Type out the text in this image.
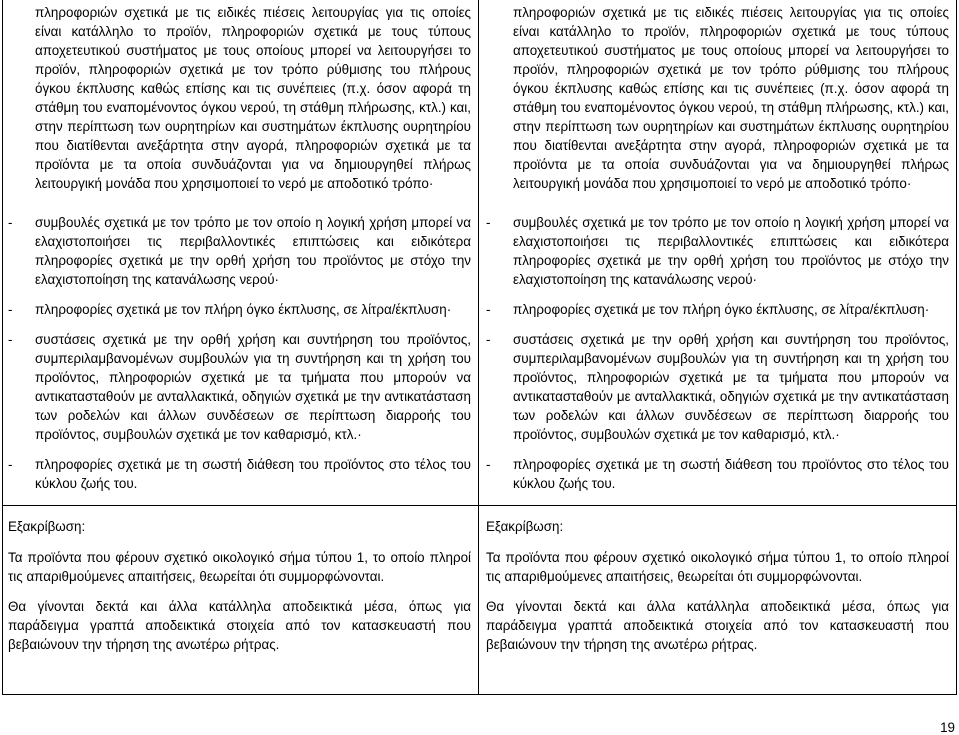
πληροφοριών σχετικά με τις ειδικές πιέσεις λειτουργίας για τις οποίες είναι κατάλληλο το προϊόν, πληροφοριών σχετικά με τους τύπους αποχετευτικού συστήματος με τους οποίους μπορεί να λειτουργήσει το προϊόν, πληροφοριών σχετικά με τον τρόπο ρύθμισης του πλήρους όγκου έκπλυσης καθώς επίσης και τις συνέπειες (π.χ. όσον αφορά τη στάθμη του εναπομένοντος όγκου νερού, τη στάθμη πλήρωσης, κτλ.) και, στην περίπτωση των ουρητηρίων και συστημάτων έκπλυσης ουρητηρίου που διατίθενται ανεξάρτητα στην αγορά, πληροφοριών σχετικά με τα προϊόντα με τα οποία συνδυάζονται για να δημιουργηθεί πλήρως λειτουργική μονάδα που χρησιμοποιεί το νερό με αποδοτικό τρόπο·
- συμβουλές σχετικά με τον τρόπο με τον οποίο η λογική χρήση μπορεί να ελαχιστοποιήσει τις περιβαλλοντικές επιπτώσεις και ειδικότερα πληροφορίες σχετικά με την ορθή χρήση του προϊόντος με στόχο την ελαχιστοποίηση της κατανάλωσης νερού·
- πληροφορίες σχετικά με τον πλήρη όγκο έκπλυσης, σε λίτρα/έκπλυση·
- συστάσεις σχετικά με την ορθή χρήση και συντήρηση του προϊόντος, συμπεριλαμβανομένων συμβουλών για τη συντήρηση και τη χρήση του προϊόντος, πληροφοριών σχετικά με τα τμήματα που μπορούν να αντικατασταθούν με ανταλλακτικά, οδηγιών σχετικά με την αντικατάσταση των ροδελών και άλλων συνδέσεων σε περίπτωση διαρροής του προϊόντος, συμβουλών σχετικά με τον καθαρισμό, κτλ.·
- πληροφορίες σχετικά με τη σωστή διάθεση του προϊόντος στο τέλος του κύκλου ζωής του.
Εξακρίβωση:

Τα προϊόντα που φέρουν σχετικό οικολογικό σήμα τύπου 1, το οποίο πληροί τις απαριθμούμενες απαιτήσεις, θεωρείται ότι συμμορφώνονται.

Θα γίνονται δεκτά και άλλα κατάλληλα αποδεικτικά μέσα, όπως για παράδειγμα γραπτά αποδεικτικά στοιχεία από τον κατασκευαστή που βεβαιώνουν την τήρηση της ανωτέρω ρήτρας.

πληροφοριών σχετικά με τις ειδικές πιέσεις λειτουργίας για τις οποίες είναι κατάλληλο το προϊόν, πληροφοριών σχετικά με τους τύπους αποχετευτικού συστήματος με τους οποίους μπορεί να λειτουργήσει το προϊόν, πληροφοριών σχετικά με τον τρόπο ρύθμισης του πλήρους όγκου έκπλυσης καθώς επίσης και τις συνέπειες (π.χ. όσον αφορά τη στάθμη του εναπομένοντος όγκου νερού, τη στάθμη πλήρωσης, κτλ.) και, στην περίπτωση των ουρητηρίων και συστημάτων έκπλυσης ουρητηρίου που διατίθενται ανεξάρτητα στην αγορά, πληροφοριών σχετικά με τα προϊόντα με τα οποία συνδυάζονται για να δημιουργηθεί πλήρως λειτουργική μονάδα που χρησιμοποιεί το νερό με αποδοτικό τρόπο·
- συμβουλές σχετικά με τον τρόπο με τον οποίο η λογική χρήση μπορεί να ελαχιστοποιήσει τις περιβαλλοντικές επιπτώσεις και ειδικότερα πληροφορίες σχετικά με την ορθή χρήση του προϊόντος με στόχο την ελαχιστοποίηση της κατανάλωσης νερού·
- πληροφορίες σχετικά με τον πλήρη όγκο έκπλυσης, σε λίτρα/έκπλυση·
- συστάσεις σχετικά με την ορθή χρήση και συντήρηση του προϊόντος, συμπεριλαμβανομένων συμβουλών για τη συντήρηση και τη χρήση του προϊόντος, πληροφοριών σχετικά με τα τμήματα που μπορούν να αντικατασταθούν με ανταλλακτικά, οδηγιών σχετικά με την αντικατάσταση των ροδελών και άλλων συνδέσεων σε περίπτωση διαρροής του προϊόντος, συμβουλών σχετικά με τον καθαρισμό, κτλ.·
- πληροφορίες σχετικά με τη σωστή διάθεση του προϊόντος στο τέλος του κύκλου ζωής του.
Εξακρίβωση:

Τα προϊόντα που φέρουν σχετικό οικολογικό σήμα τύπου 1, το οποίο πληροί τις απαριθμούμενες απαιτήσεις, θεωρείται ότι συμμορφώνονται.

Θα γίνονται δεκτά και άλλα κατάλληλα αποδεικτικά μέσα, όπως για παράδειγμα γραπτά αποδεικτικά στοιχεία από τον κατασκευαστή που βεβαιώνουν την τήρηση της ανωτέρω ρήτρας.

19
